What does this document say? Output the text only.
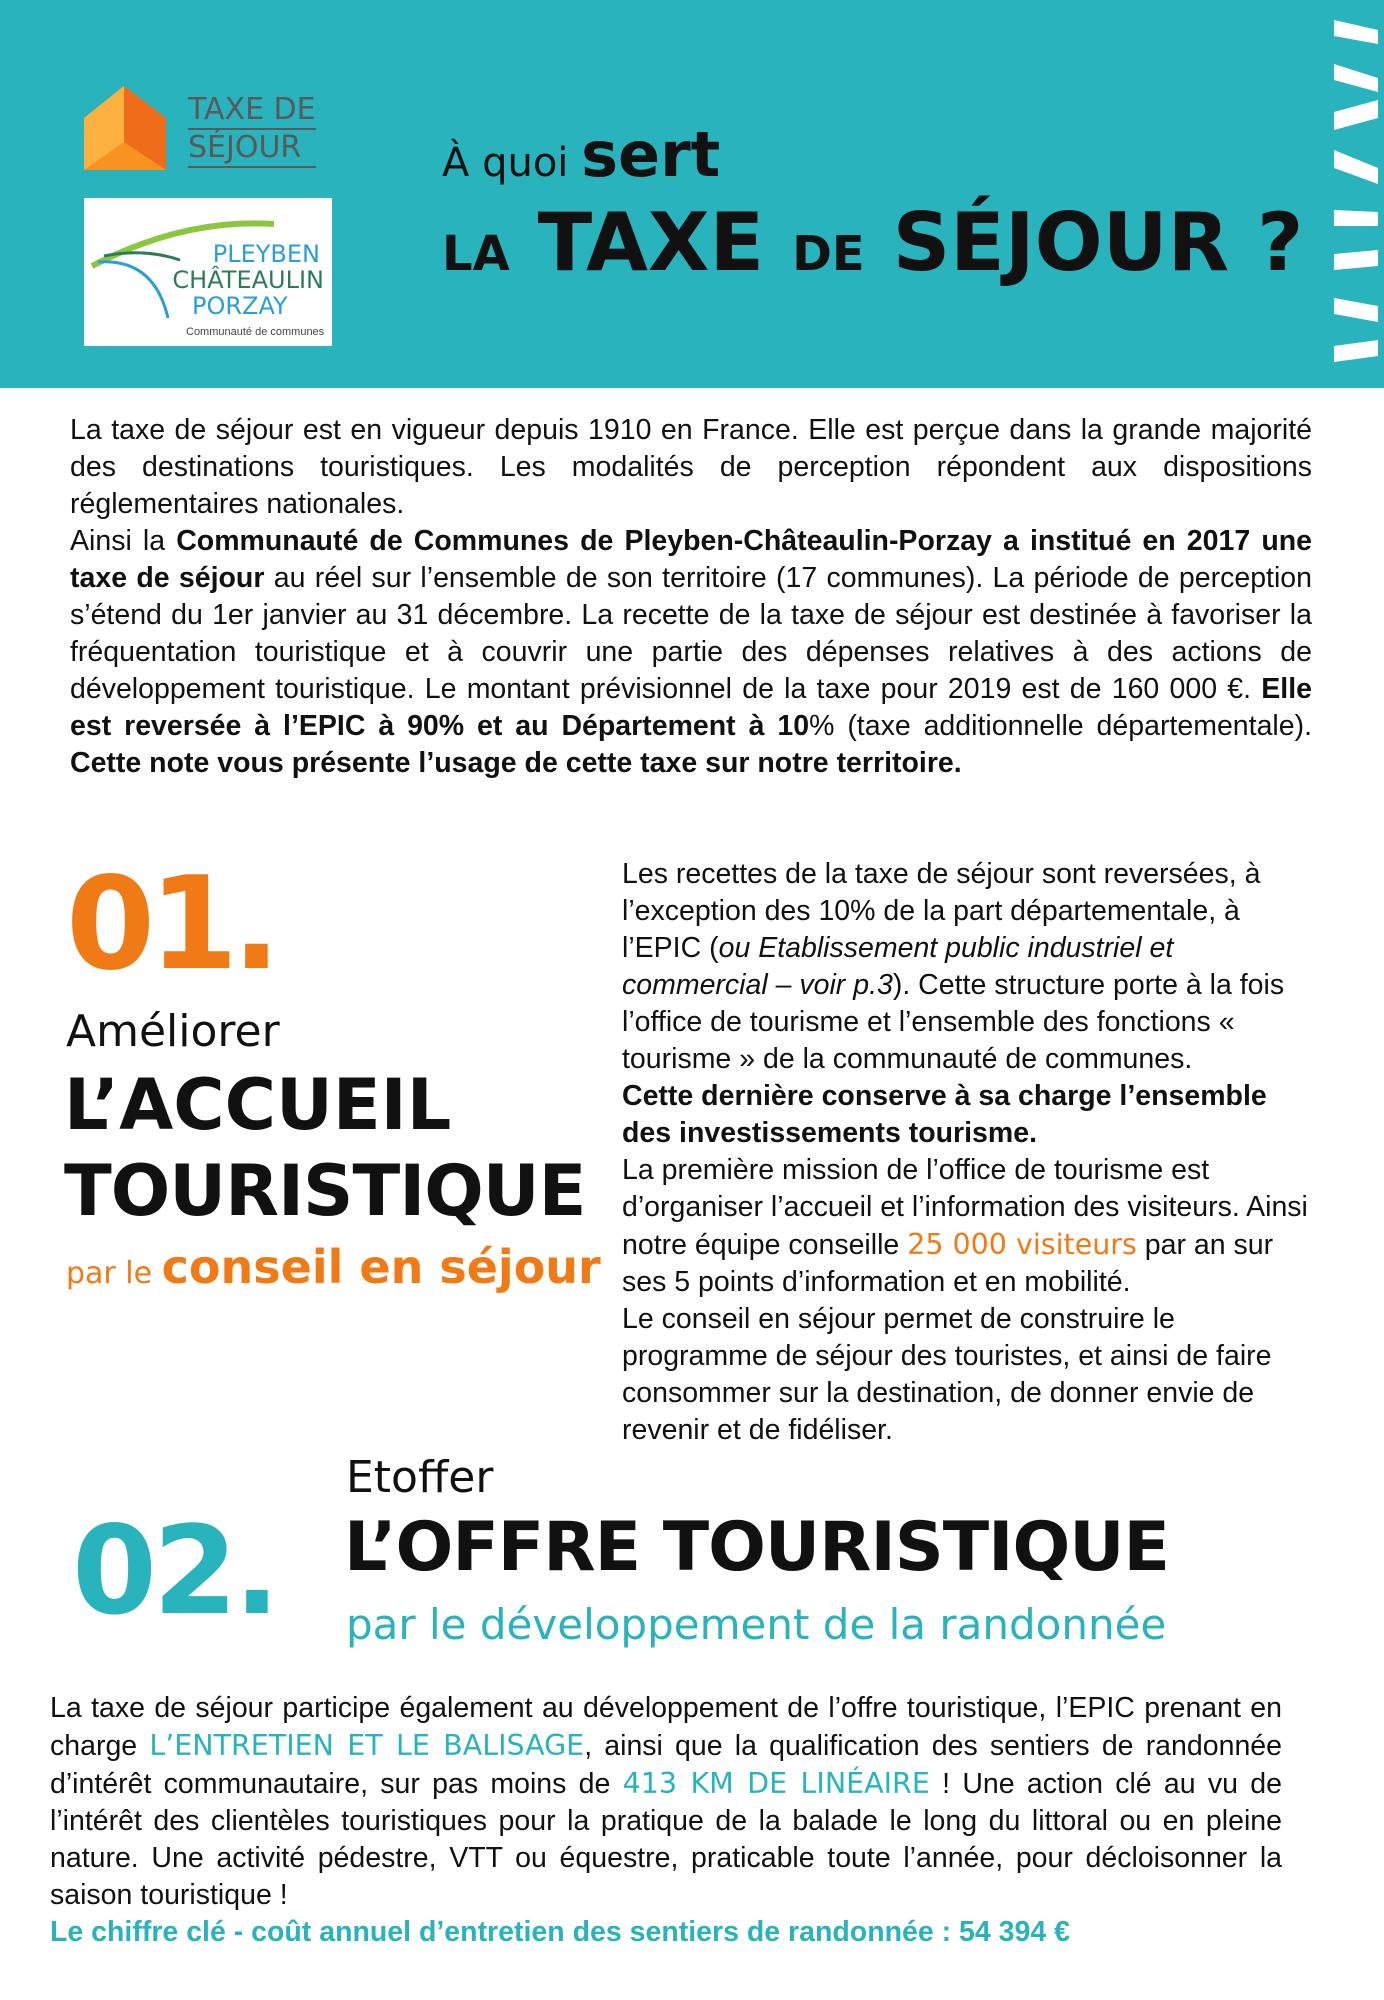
TAXE DE
SÉJOUR
PLEYBEN
CHÂTEAULIN
PORZAY
Communauté de communes
À quoi sert
LA TAXE DE SÉJOUR ?

La taxe de séjour est en vigueur depuis 1910 en France. Elle est perçue dans la grande majorité des destinations touristiques. Les modalités de perception répondent aux dispositions réglementaires nationales.

Ainsi la Communauté de Communes de Pleyben-Châteaulin-Porzay a institué en 2017 une taxe de séjour au réel sur l’ensemble de son territoire (17 communes). La période de perception s’étend du 1er janvier au 31 décembre. La recette de la taxe de séjour est destinée à favoriser la fréquentation touristique et à couvrir une partie des dépenses relatives à des actions de développement touristique. Le montant prévisionnel de la taxe pour 2019 est de 160 000 €. Elle est reversée à l’EPIC à 90% et au Département à 10% (taxe additionnelle départementale). Cette note vous présente l’usage de cette taxe sur notre territoire.

01.
Améliorer
L’ACCUEIL
TOURISTIQUE
par le conseil en séjour

Les recettes de la taxe de séjour sont reversées, à l’exception des 10% de la part départementale, à l’EPIC (ou Etablissement public industriel et commercial – voir p.3). Cette structure porte à la fois l’office de tourisme et l’ensemble des fonctions « tourisme » de la communauté de communes.

Cette dernière conserve à sa charge l’ensemble des investissements tourisme.

La première mission de l’office de tourisme est d’organiser l’accueil et l’information des visiteurs. Ainsi notre équipe conseille 25 000 visiteurs par an sur ses 5 points d’information et en mobilité.

Le conseil en séjour permet de construire le programme de séjour des touristes, et ainsi de faire consommer sur la destination, de donner envie de revenir et de fidéliser.

Etoffer
02. L’OFFRE TOURISTIQUE
par le développement de la randonnée

La taxe de séjour participe également au développement de l’offre touristique, l’EPIC prenant en charge L’ENTRETIEN ET LE BALISAGE, ainsi que la qualification des sentiers de randonnée d’intérêt communautaire, sur pas moins de 413 KM DE LINÉAIRE ! Une action clé au vu de l’intérêt des clientèles touristiques pour la pratique de la balade le long du littoral ou en pleine nature. Une activité pédestre, VTT ou équestre, praticable toute l’année, pour décloisonner la saison touristique !

Le chiffre clé - coût annuel d’entretien des sentiers de randonnée : 54 394 €
